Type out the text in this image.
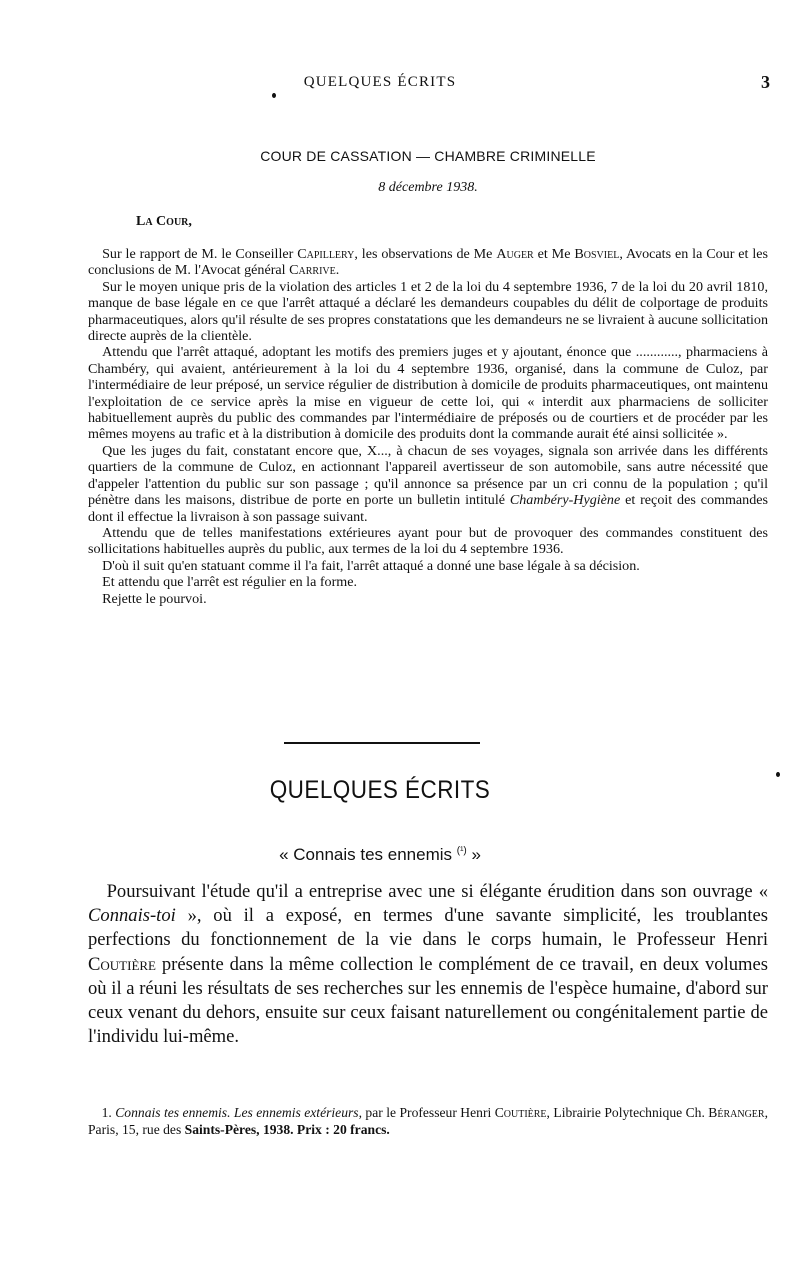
QUELQUES ÉCRITS	3
COUR DE CASSATION — CHAMBRE CRIMINELLE
8 décembre 1938.
La Cour,

 Sur le rapport de M. le Conseiller Capillery, les observations de Me Auger et Me Bosviel, Avocats en la Cour et les conclusions de M. l'Avocat général Carrive.

 Sur le moyen unique pris de la violation des articles 1 et 2 de la loi du 4 septembre 1936, 7 de la loi du 20 avril 1810, manque de base légale en ce que l'arrêt attaqué a déclaré les demandeurs coupables du délit de colportage de produits pharmaceutiques, alors qu'il résulte de ses propres constatations que les demandeurs ne se livraient à aucune sollicitation directe auprès de la clientèle.

 Attendu que l'arrêt attaqué, adoptant les motifs des premiers juges et y ajoutant, énonce que ............, pharmaciens à Chambéry, qui avaient, antérieurement à la loi du 4 septembre 1936, organisé, dans la commune de Culoz, par l'intermédiaire de leur préposé, un service régulier de distribution à domicile de produits pharmaceutiques, ont maintenu l'exploitation de ce service après la mise en vigueur de cette loi, qui « interdit aux pharmaciens de solliciter habituellement auprès du public des commandes par l'intermédiaire de préposés ou de courtiers et de procéder par les mêmes moyens au trafic et à la distribution à domicile des produits dont la commande aurait été ainsi sollicitée ».

 Que les juges du fait, constatant encore que, X..., à chacun de ses voyages, signala son arrivée dans les différents quartiers de la commune de Culoz, en actionnant l'appareil avertisseur de son automobile, sans autre nécessité que d'appeler l'attention du public sur son passage ; qu'il annonce sa présence par un cri connu de la population ; qu'il pénètre dans les maisons, distribue de porte en porte un bulletin intitulé Chambéry-Hygiène et reçoit des commandes dont il effectue la livraison à son passage suivant.

 Attendu que de telles manifestations extérieures ayant pour but de provoquer des commandes constituent des sollicitations habituelles auprès du public, aux termes de la loi du 4 septembre 1936.

 D'où il suit qu'en statuant comme il l'a fait, l'arrêt attaqué a donné une base légale à sa décision.

 Et attendu que l'arrêt est régulier en la forme.

 Rejette le pourvoi.

QUELQUES ÉCRITS
« Connais tes ennemis $^{(^1)}$ »

 Poursuivant l'étude qu'il a entreprise avec une si élégante érudition dans son ouvrage « Connais-toi », où il a exposé, en termes d'une savante simplicité, les troublantes perfections du fonctionnement de la vie dans le corps humain, le Professeur Henri Coutière présente dans la même collection le complément de ce travail, en deux volumes où il a réuni les résultats de ses recherches sur les ennemis de l'espèce humaine, d'abord sur ceux venant du dehors, ensuite sur ceux faisant naturellement ou congénitalement partie de l'individu lui-même.

 1. Connais tes ennemis. Les ennemis extérieurs, par le Professeur Henri Coutière, Librairie Polytechnique Ch. Béranger, Paris, 15, rue des Saints-Pères, 1938. Prix : 20 francs.
